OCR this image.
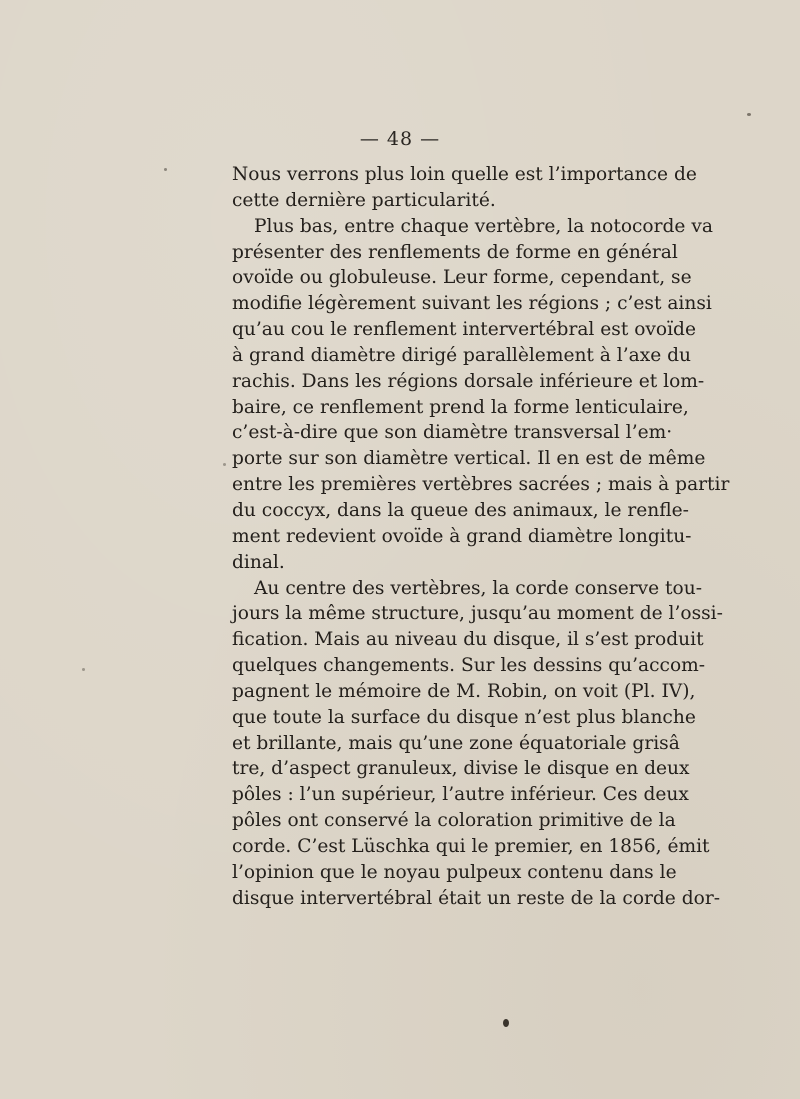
— 48 —
Nous verrons plus loin quelle est l’importance de
cette dernière particularité.
Plus bas, entre chaque vertèbre, la notocorde va
présenter des renflements de forme en général
ovoïde ou globuleuse. Leur forme, cependant, se
modifie légèrement suivant les régions ; c’est ainsi
qu’au cou le renflement intervertébral est ovoïde
à grand diamètre dirigé parallèlement à l’axe du
rachis. Dans les régions dorsale inférieure et lom-
baire, ce renflement prend la forme lenticulaire,
c’est-à-dire que son diamètre transversal l’em·
porte sur son diamètre vertical. Il en est de même
entre les premières vertèbres sacrées ; mais à partir
du coccyx, dans la queue des animaux, le renfle-
ment redevient ovoïde à grand diamètre longitu-
dinal.
Au centre des vertèbres, la corde conserve tou-
jours la même structure, jusqu’au moment de l’ossi-
fication. Mais au niveau du disque, il s’est produit
quelques changements. Sur les dessins qu’accom-
pagnent le mémoire de M. Robin, on voit (Pl. IV),
que toute la surface du disque n’est plus blanche
et brillante, mais qu’une zone équatoriale grisâ
tre, d’aspect granuleux, divise le disque en deux
pôles : l’un supérieur, l’autre inférieur. Ces deux
pôles ont conservé la coloration primitive de la
corde. C’est Lüschka qui le premier, en 1856, émit
l’opinion que le noyau pulpeux contenu dans le
disque intervertébral était un reste de la corde dor-
